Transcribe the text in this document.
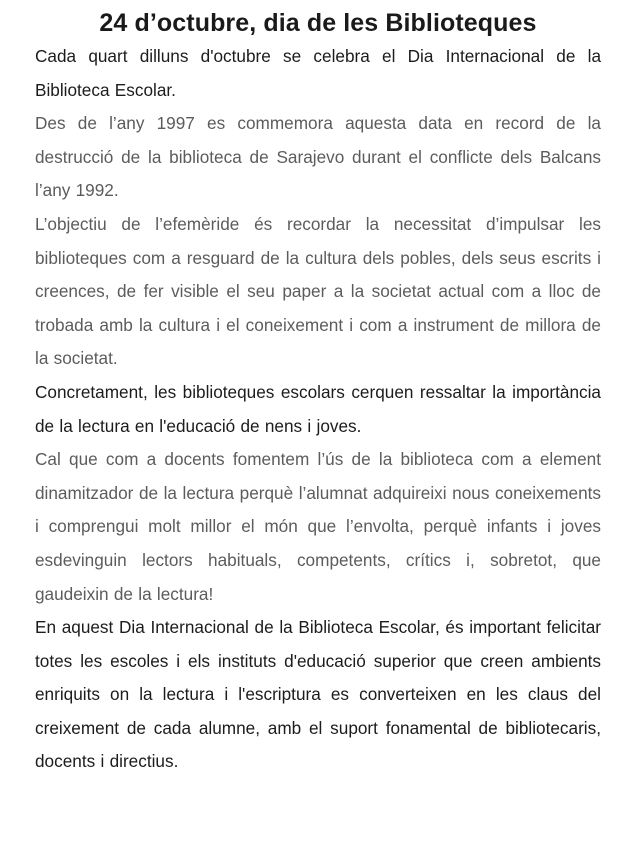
24 d’octubre, dia de les Biblioteques

Cada quart dilluns d'octubre se celebra el Dia Internacional de la Biblioteca Escolar.

Des de l’any 1997 es commemora aquesta data en record de la destrucció de la biblioteca de Sarajevo durant el conflicte dels Balcans l’any 1992.

L’objectiu de l’efemèride és recordar la necessitat d’impulsar les biblioteques com a resguard de la cultura dels pobles, dels seus escrits i creences, de fer visible el seu paper a la societat actual com a lloc de trobada amb la cultura i el coneixement i com a instrument de millora de la societat.

Concretament, les biblioteques escolars cerquen ressaltar la importància de la lectura en l'educació de nens i joves.

Cal que com a docents fomentem l’ús de la biblioteca com a element dinamitzador de la lectura perquè l’alumnat adquireixi nous coneixements i comprengui molt millor el món que l’envolta, perquè infants i joves esdevinguin lectors habituals, competents, crítics i, sobretot, que gaudeixin de la lectura!

En aquest Dia Internacional de la Biblioteca Escolar, és important felicitar totes les escoles i els instituts d'educació superior que creen ambients enriquits on la lectura i l'escriptura es converteixen en les claus del creixement de cada alumne, amb el suport fonamental de bibliotecaris, docents i directius.
